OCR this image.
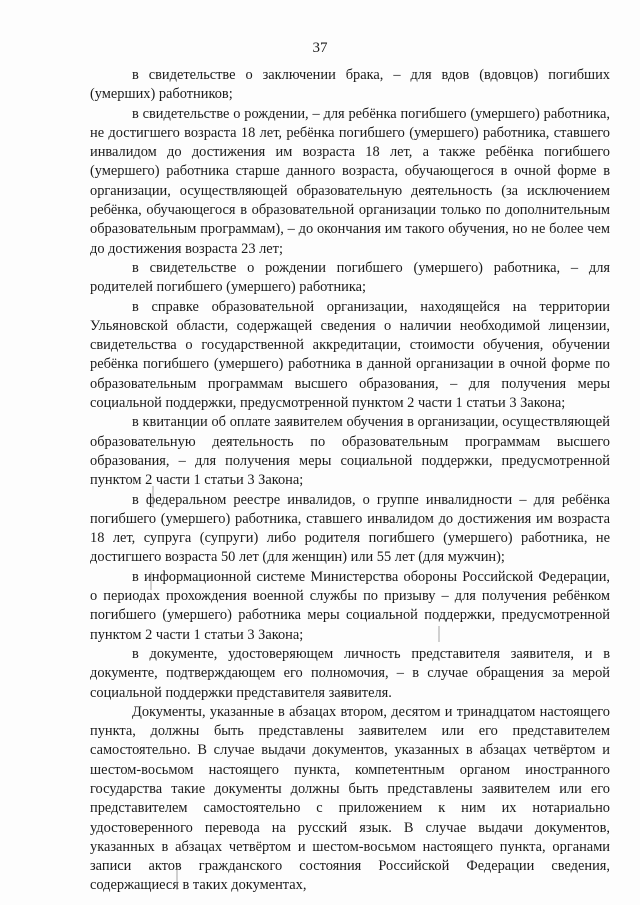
37

в свидетельстве о заключении брака, – для вдов (вдовцов) погибших (умерших) работников;

в свидетельстве о рождении, – для ребёнка погибшего (умершего) работника, не достигшего возраста 18 лет, ребёнка погибшего (умершего) работника, ставшего инвалидом до достижения им возраста 18 лет, а также ребёнка погибшего (умершего) работника старше данного возраста, обучающегося в очной форме в организации, осуществляющей образовательную деятельность (за исключением ребёнка, обучающегося в образовательной организации только по дополнительным образовательным программам), – до окончания им такого обучения, но не более чем до достижения возраста 23 лет;

в свидетельстве о рождении погибшего (умершего) работника, – для родителей погибшего (умершего) работника;

в справке образовательной организации, находящейся на территории Ульяновской области, содержащей сведения о наличии необходимой лицензии, свидетельства о государственной аккредитации, стоимости обучения, обучении ребёнка погибшего (умершего) работника в данной организации в очной форме по образовательным программам высшего образования, – для получения меры социальной поддержки, предусмотренной пунктом 2 части 1 статьи 3 Закона;

в квитанции об оплате заявителем обучения в организации, осуществляющей образовательную деятельность по образовательным программам высшего образования, – для получения меры социальной поддержки, предусмотренной пунктом 2 части 1 статьи 3 Закона;

в федеральном реестре инвалидов, о группе инвалидности – для ребёнка погибшего (умершего) работника, ставшего инвалидом до достижения им возраста 18 лет, супруга (супруги) либо родителя погибшего (умершего) работника, не достигшего возраста 50 лет (для женщин) или 55 лет (для мужчин);

в информационной системе Министерства обороны Российской Федерации, о периодах прохождения военной службы по призыву – для получения ребёнком погибшего (умершего) работника меры социальной поддержки, предусмотренной пунктом 2 части 1 статьи 3 Закона;

в документе, удостоверяющем личность представителя заявителя, и в документе, подтверждающем его полномочия, – в случае обращения за мерой социальной поддержки представителя заявителя.

Документы, указанные в абзацах втором, десятом и тринадцатом настоящего пункта, должны быть представлены заявителем или его представителем самостоятельно. В случае выдачи документов, указанных в абзацах четвёртом и шестом-восьмом настоящего пункта, компетентным органом иностранного государства такие документы должны быть представлены заявителем или его представителем самостоятельно с приложением к ним их нотариально удостоверенного перевода на русский язык. В случае выдачи документов, указанных в абзацах четвёртом и шестом-восьмом настоящего пункта, органами записи актов гражданского состояния Российской Федерации сведения, содержащиеся в таких документах,
